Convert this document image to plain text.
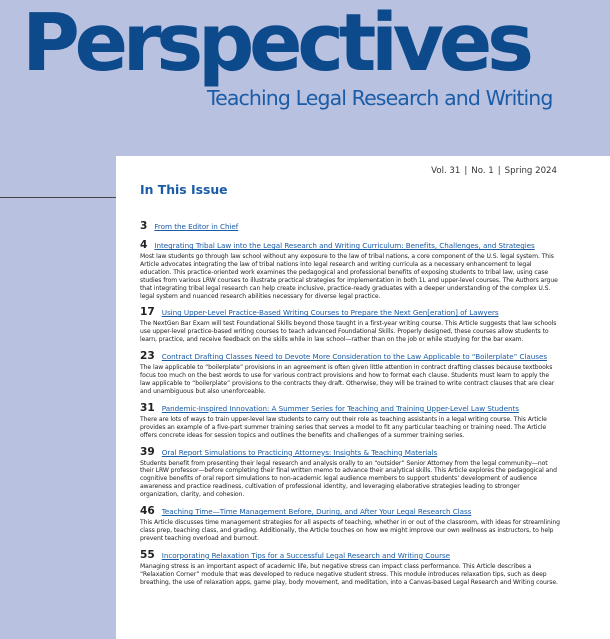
Perspectives
Teaching Legal Research and Writing
Vol. 31 | No. 1 | Spring 2024
In This Issue
3 From the Editor in Chief
4 Integrating Tribal Law into the Legal Research and Writing Curriculum: Benefits, Challenges, and Strategies

Most law students go through law school without any exposure to the law of tribal nations, a core component of the U.S. legal system. This Article advocates integrating the law of tribal nations into legal research and writing curricula as a necessary enhancement to legal education. This practice-oriented work examines the pedagogical and professional benefits of exposing students to tribal law, using case studies from various LRW courses to illustrate practical strategies for implementation in both 1L and upper-level courses. The Authors argue that integrating tribal legal research can help create inclusive, practice-ready graduates with a deeper understanding of the complex U.S. legal system and nuanced research abilities necessary for diverse legal practice.

17 Using Upper-Level Practice-Based Writing Courses to Prepare the Next Gen[eration] of Lawyers

The NextGen Bar Exam will test Foundational Skills beyond those taught in a first-year writing course. This Article suggests that law schools use upper-level practice-based writing courses to teach advanced Foundational Skills. Properly designed, these courses allow students to learn, practice, and receive feedback on the skills while in law school—rather than on the job or while studying for the bar exam.

23 Contract Drafting Classes Need to Devote More Consideration to the Law Applicable to “Boilerplate” Clauses

The law applicable to “boilerplate” provisions in an agreement is often given little attention in contract drafting classes because textbooks focus too much on the best words to use for various contract provisions and how to format each clause. Students must learn to apply the law applicable to “boilerplate” provisions to the contracts they draft. Otherwise, they will be trained to write contract clauses that are clear and unambiguous but also unenforceable.

31 Pandemic-Inspired Innovation: A Summer Series for Teaching and Training Upper-Level Law Students

There are lots of ways to train upper-level law students to carry out their role as teaching assistants in a legal writing course. This Article provides an example of a five-part summer training series that serves a model to fit any particular teaching or training need. The Article offers concrete ideas for session topics and outlines the benefits and challenges of a summer training series.

39 Oral Report Simulations to Practicing Attorneys: Insights & Teaching Materials

Students benefit from presenting their legal research and analysis orally to an “outsider” Senior Attorney from the legal community—not their LRW professor—before completing their final written memo to advance their analytical skills. This Article explores the pedagogical and cognitive benefits of oral report simulations to non-academic legal audience members to support students’ development of audience awareness and practice readiness, cultivation of professional identity, and leveraging elaborative strategies leading to stronger organization, clarity, and cohesion.

46 Teaching Time—Time Management Before, During, and After Your Legal Research Class

This Article discusses time management strategies for all aspects of teaching, whether in or out of the classroom, with ideas for streamlining class prep, teaching class, and grading. Additionally, the Article touches on how we might improve our own wellness as instructors, to help prevent teaching overload and burnout.

55 Incorporating Relaxation Tips for a Successful Legal Research and Writing Course

Managing stress is an important aspect of academic life, but negative stress can impact class performance. This Article describes a “Relaxation Corner” module that was developed to reduce negative student stress. This module introduces relaxation tips, such as deep breathing, the use of relaxation apps, game play, body movement, and meditation, into a Canvas-based Legal Research and Writing course.
